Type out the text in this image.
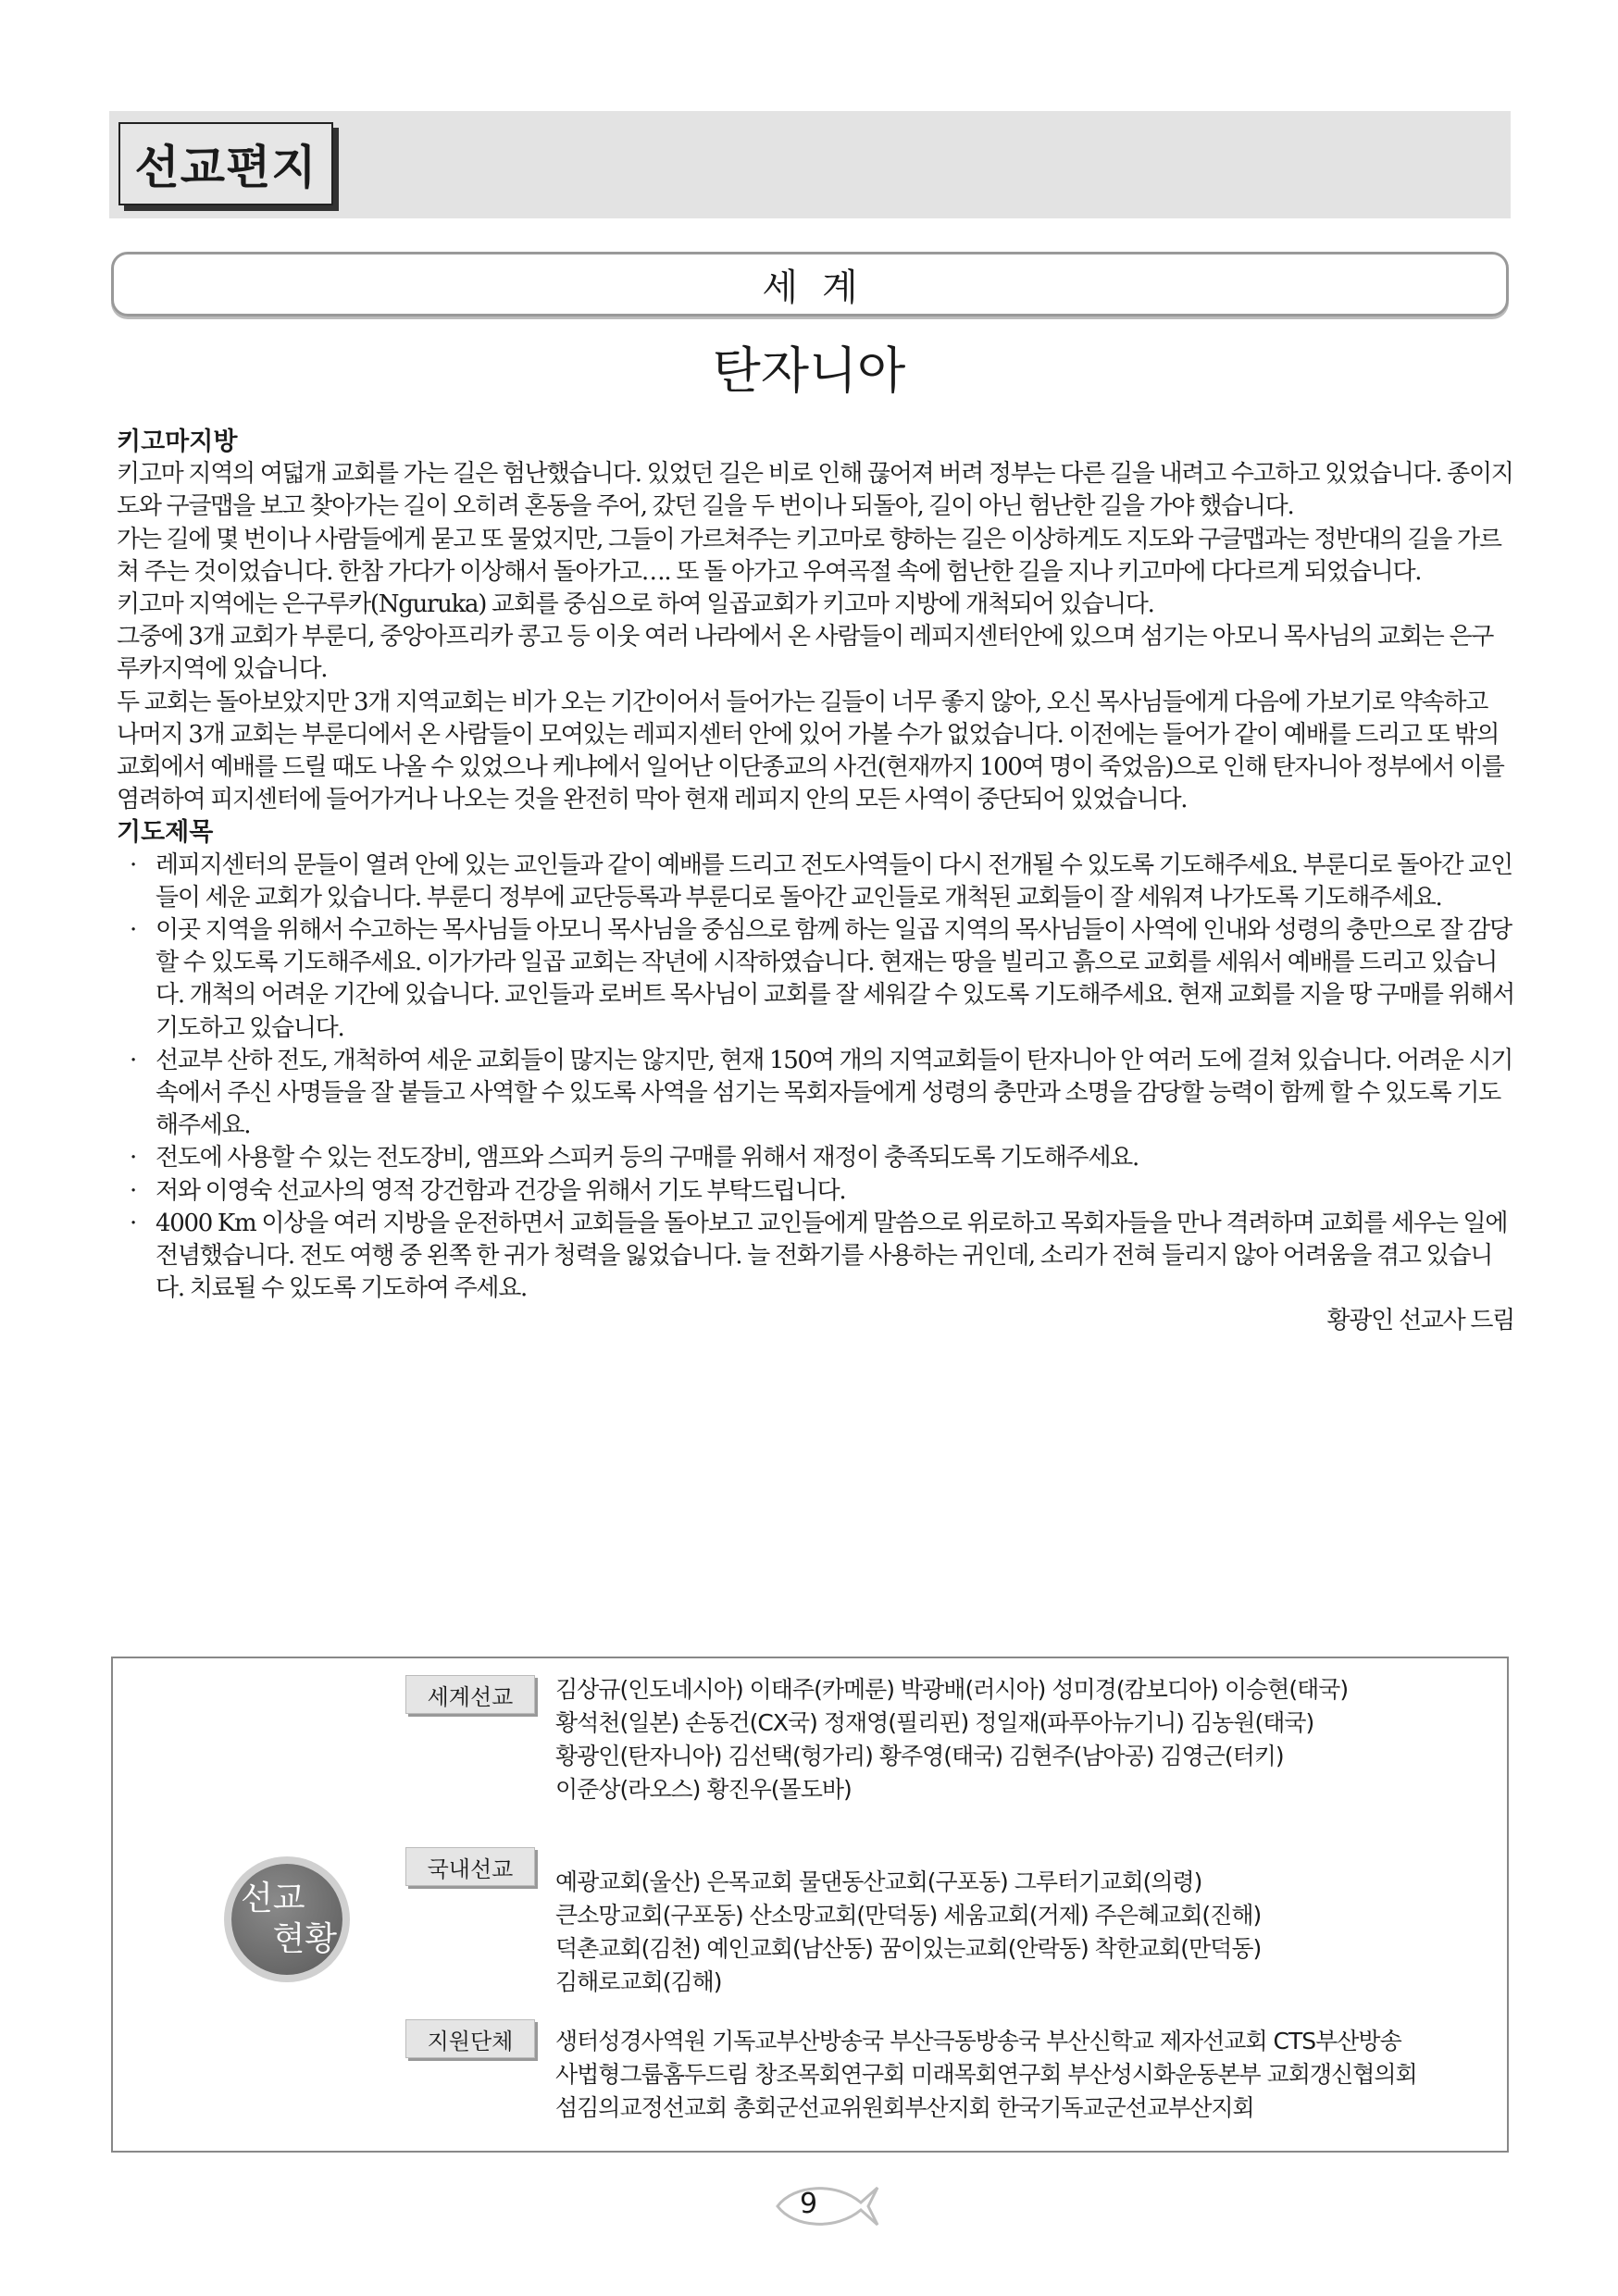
선교편지
세계
탄자니아
키고마지방

키고마 지역의 여덟개 교회를 가는 길은 험난했습니다. 있었던 길은 비로 인해 끊어져 버려 정부는 다른 길을 내려고 수고하고 있었습니다. 종이지도와 구글맵을 보고 찾아가는 길이 오히려 혼동을 주어, 갔던 길을 두 번이나 되돌아, 길이 아닌 험난한 길을 가야 했습니다.

가는 길에 몇 번이나 사람들에게 묻고 또 물었지만, 그들이 가르쳐주는 키고마로 향하는 길은 이상하게도 지도와 구글맵과는 정반대의 길을 가르쳐 주는 것이었습니다. 한참 가다가 이상해서 돌아가고…. 또 돌 아가고 우여곡절 속에 험난한 길을 지나 키고마에 다다르게 되었습니다.

키고마 지역에는 은구루카(Nguruka) 교회를 중심으로 하여 일곱교회가 키고마 지방에 개척되어 있습니다.

그중에 3개 교회가 부룬디, 중앙아프리카 콩고 등 이웃 여러 나라에서 온 사람들이 레피지센터안에 있으며 섬기는 아모니 목사님의 교회는 은구루카지역에 있습니다.

두 교회는 돌아보았지만 3개 지역교회는 비가 오는 기간이어서 들어가는 길들이 너무 좋지 않아, 오신 목사님들에게 다음에 가보기로 약속하고 나머지 3개 교회는 부룬디에서 온 사람들이 모여있는 레피지센터 안에 있어 가볼 수가 없었습니다. 이전에는 들어가 같이 예배를 드리고 또 밖의 교회에서 예배를 드릴 때도 나올 수 있었으나 케냐에서 일어난 이단종교의 사건(현재까지 100여 명이 죽었음)으로 인해 탄자니아 정부에서 이를 염려하여 피지센터에 들어가거나 나오는 것을 완전히 막아 현재 레피지 안의 모든 사역이 중단되어 있었습니다.

기도제목
· 레피지센터의 문들이 열려 안에 있는 교인들과 같이 예배를 드리고 전도사역들이 다시 전개될 수 있도록 기도해주세요. 부룬디로 돌아간 교인들이 세운 교회가 있습니다. 부룬디 정부에 교단등록과 부룬디로 돌아간 교인들로 개척된 교회들이 잘 세워져 나가도록 기도해주세요.
· 이곳 지역을 위해서 수고하는 목사님들 아모니 목사님을 중심으로 함께 하는 일곱 지역의 목사님들이 사역에 인내와 성령의 충만으로 잘 감당할 수 있도록 기도해주세요. 이가가라 일곱 교회는 작년에 시작하였습니다. 현재는 땅을 빌리고 흙으로 교회를 세워서 예배를 드리고 있습니다. 개척의 어려운 기간에 있습니다. 교인들과 로버트 목사님이 교회를 잘 세워갈 수 있도록 기도해주세요. 현재 교회를 지을 땅 구매를 위해서 기도하고 있습니다.
· 선교부 산하 전도, 개척하여 세운 교회들이 많지는 않지만, 현재 150여 개의 지역교회들이 탄자니아 안 여러 도에 걸쳐 있습니다. 어려운 시기 속에서 주신 사명들을 잘 붙들고 사역할 수 있도록 사역을 섬기는 목회자들에게 성령의 충만과 소명을 감당할 능력이 함께 할 수 있도록 기도해주세요.
· 전도에 사용할 수 있는 전도장비, 앰프와 스피커 등의 구매를 위해서 재정이 충족되도록 기도해주세요.
· 저와 이영숙 선교사의 영적 강건함과 건강을 위해서 기도 부탁드립니다.
· 4000 Km 이상을 여러 지방을 운전하면서 교회들을 돌아보고 교인들에게 말씀으로 위로하고 목회자들을 만나 격려하며 교회를 세우는 일에 전념했습니다. 전도 여행 중 왼쪽 한 귀가 청력을 잃었습니다. 늘 전화기를 사용하는 귀인데, 소리가 전혀 들리지 않아 어려움을 겪고 있습니다. 치료될 수 있도록 기도하여 주세요.

황광인 선교사 드림

선교
현황
세계선교	김상규(인도네시아) 이태주(카메룬) 박광배(러시아) 성미경(캄보디아) 이승현(태국)
황석천(일본) 손동건(CX국) 정재영(필리핀) 정일재(파푸아뉴기니) 김농원(태국)
황광인(탄자니아) 김선택(헝가리) 황주영(태국) 김현주(남아공) 김영근(터키)
이준상(라오스) 황진우(몰도바)
국내선교	예광교회(울산) 은목교회 물댄동산교회(구포동) 그루터기교회(의령)
큰소망교회(구포동) 산소망교회(만덕동) 세움교회(거제) 주은혜교회(진해)
덕촌교회(김천) 예인교회(남산동) 꿈이있는교회(안락동) 착한교회(만덕동)
김해로교회(김해)
지원단체	생터성경사역원 기독교부산방송국 부산극동방송국 부산신학교 제자선교회 CTS부산방송
사법형그룹홈두드림 창조목회연구회 미래목회연구회 부산성시화운동본부 교회갱신협의회
섬김의교정선교회 총회군선교위원회부산지회 한국기독교군선교부산지회
9
